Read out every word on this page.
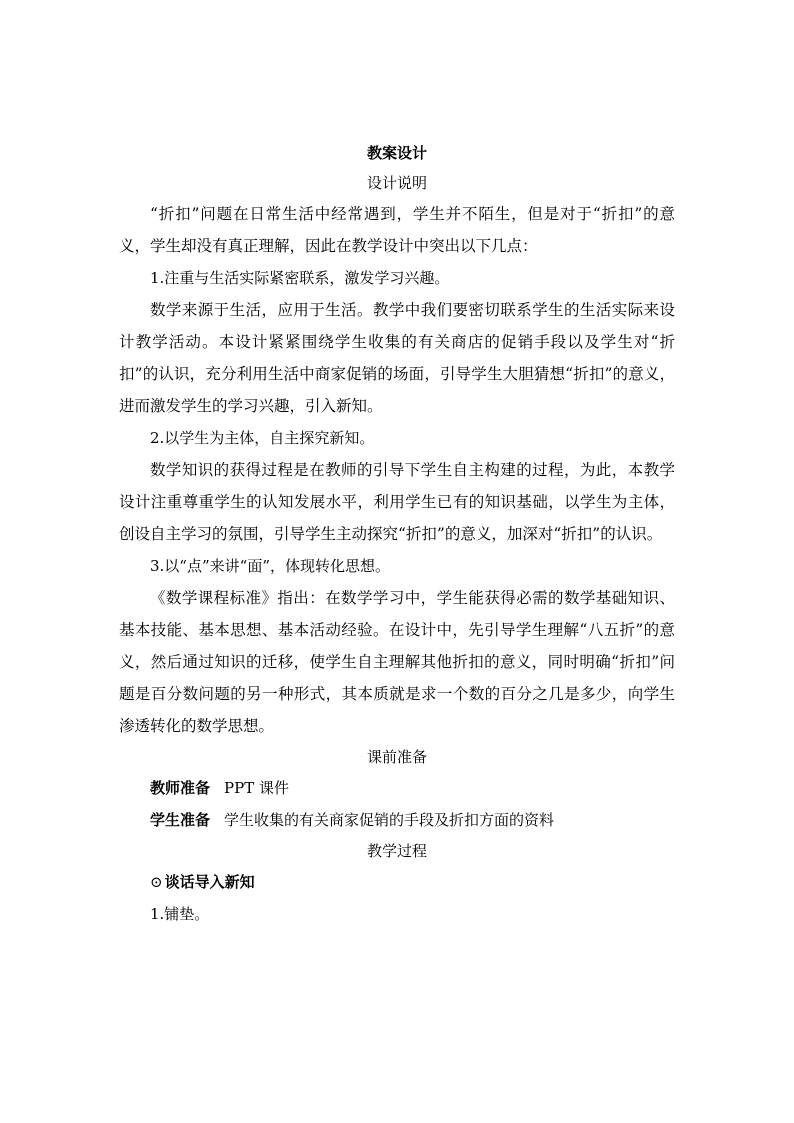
教案设计
设计说明

“折扣”问题在日常生活中经常遇到，学生并不陌生，但是对于“折扣”的意义，学生却没有真正理解，因此在教学设计中突出以下几点：

1.注重与生活实际紧密联系，激发学习兴趣。

数学来源于生活，应用于生活。教学中我们要密切联系学生的生活实际来设计教学活动。本设计紧紧围绕学生收集的有关商店的促销手段以及学生对“折扣”的认识，充分利用生活中商家促销的场面，引导学生大胆猜想“折扣”的意义，进而激发学生的学习兴趣，引入新知。

2.以学生为主体，自主探究新知。

数学知识的获得过程是在教师的引导下学生自主构建的过程，为此，本教学设计注重尊重学生的认知发展水平，利用学生已有的知识基础，以学生为主体，创设自主学习的氛围，引导学生主动探究“折扣”的意义，加深对“折扣”的认识。

3.以“点”来讲“面”，体现转化思想。

《数学课程标准》指出：在数学学习中，学生能获得必需的数学基础知识、基本技能、基本思想、基本活动经验。在设计中，先引导学生理解“八五折”的意义，然后通过知识的迁移，使学生自主理解其他折扣的意义，同时明确“折扣”问题是百分数问题的另一种形式，其本质就是求一个数的百分之几是多少，向学生渗透转化的数学思想。

课前准备
教师准备 PPT 课件
学生准备 学生收集的有关商家促销的手段及折扣方面的资料
教学过程
⊙ 谈话导入新知
1.铺垫。
